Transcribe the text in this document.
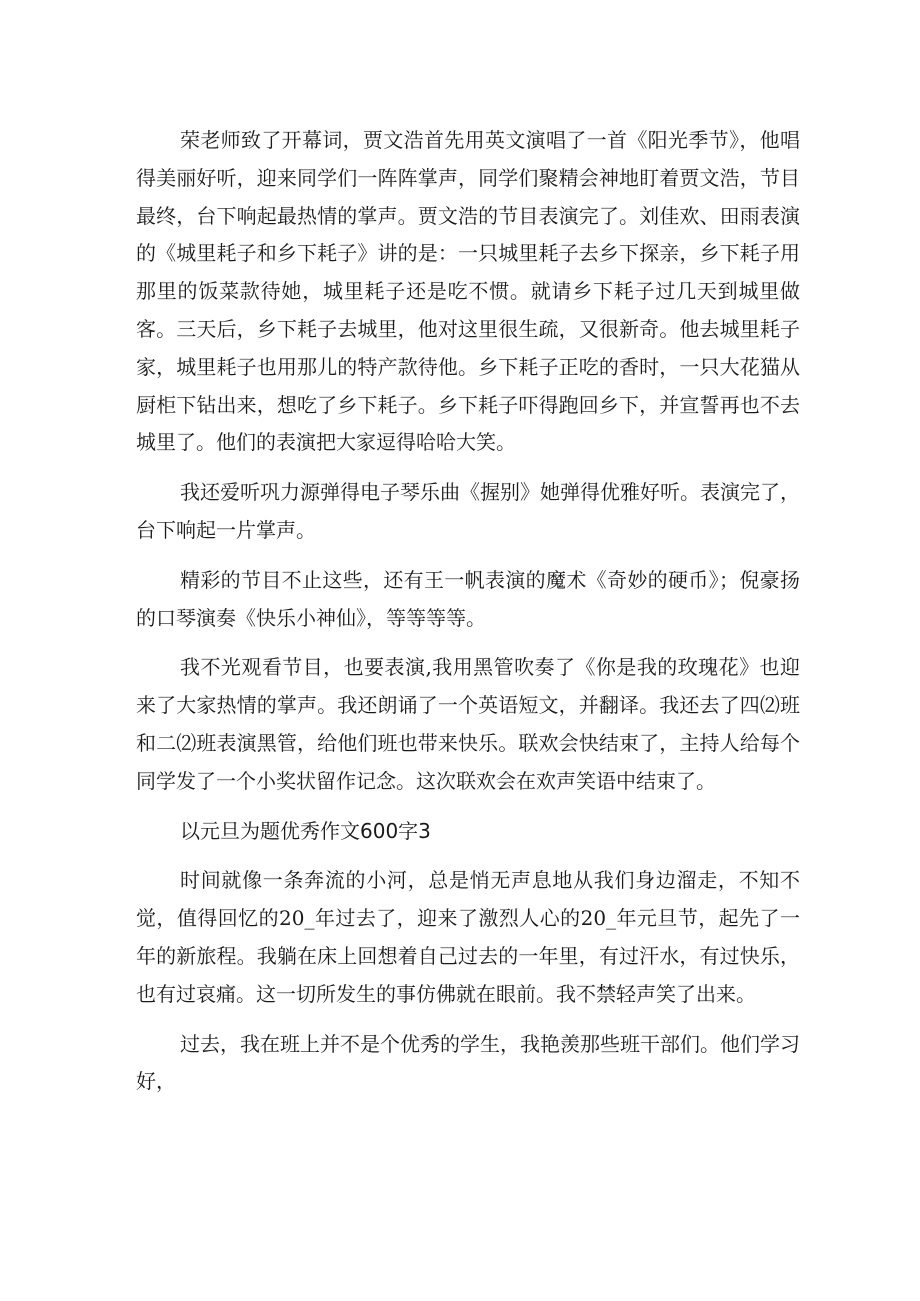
荣老师致了开幕词，贾文浩首先用英文演唱了一首《阳光季节》，他唱得美丽好听，迎来同学们一阵阵掌声，同学们聚精会神地盯着贾文浩，节目最终，台下响起最热情的掌声。贾文浩的节目表演完了。刘佳欢、田雨表演的《城里耗子和乡下耗子》讲的是：一只城里耗子去乡下探亲，乡下耗子用那里的饭菜款待她，城里耗子还是吃不惯。就请乡下耗子过几天到城里做客。三天后，乡下耗子去城里，他对这里很生疏，又很新奇。他去城里耗子家，城里耗子也用那儿的特产款待他。乡下耗子正吃的香时，一只大花猫从厨柜下钻出来，想吃了乡下耗子。乡下耗子吓得跑回乡下，并宣誓再也不去城里了。他们的表演把大家逗得哈哈大笑。

我还爱听巩力源弹得电子琴乐曲《握别》她弹得优雅好听。表演完了，台下响起一片掌声。

精彩的节目不止这些，还有王一帆表演的魔术《奇妙的硬币》；倪豪扬的口琴演奏《快乐小神仙》，等等等等。

我不光观看节目，也要表演,我用黑管吹奏了《你是我的玫瑰花》也迎来了大家热情的掌声。我还朗诵了一个英语短文，并翻译。我还去了四⑵班和二⑵班表演黑管，给他们班也带来快乐。联欢会快结束了，主持人给每个同学发了一个小奖状留作记念。这次联欢会在欢声笑语中结束了。

以元旦为题优秀作文600字3

时间就像一条奔流的小河，总是悄无声息地从我们身边溜走，不知不觉，值得回忆的20_年过去了，迎来了激烈人心的20_年元旦节，起先了一年的新旅程。我躺在床上回想着自己过去的一年里，有过汗水，有过快乐，也有过哀痛。这一切所发生的事仿佛就在眼前。我不禁轻声笑了出来。

过去，我在班上并不是个优秀的学生，我艳羡那些班干部们。他们学习好，
